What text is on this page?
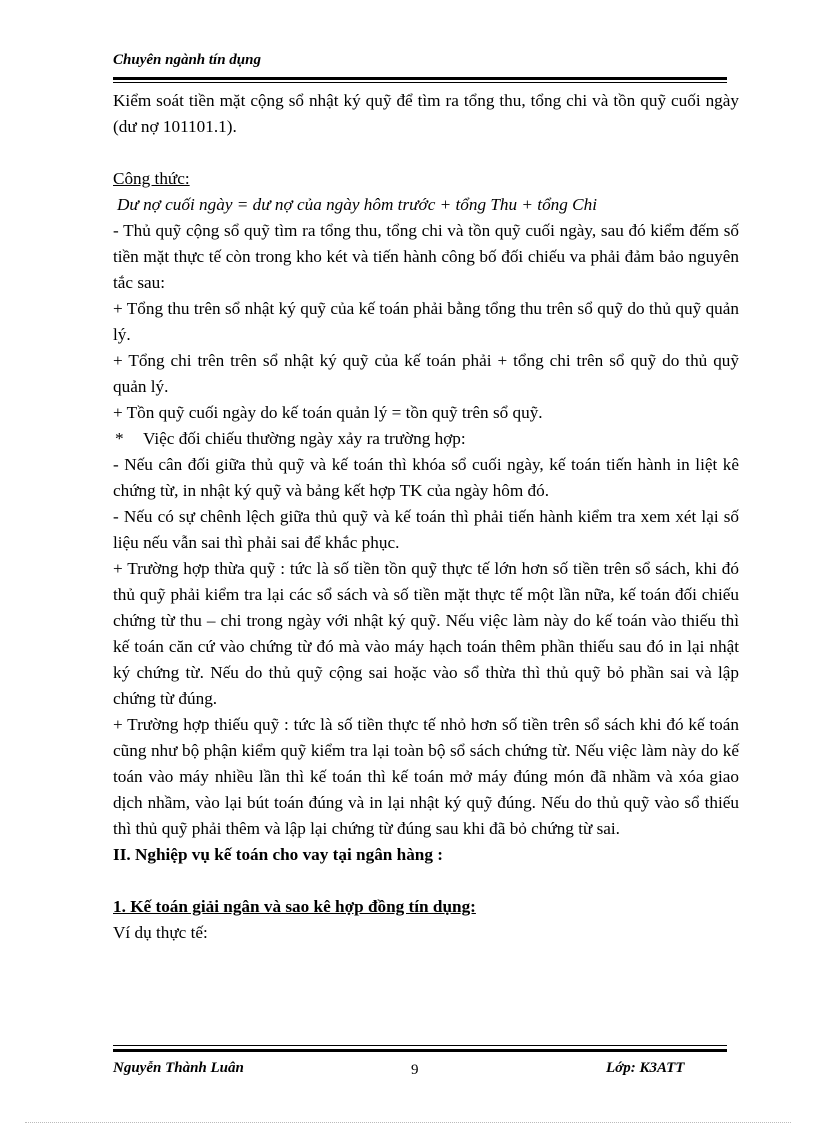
Chuyên ngành tín dụng

Kiểm soát tiền mặt cộng sổ nhật ký quỹ để tìm ra tổng thu, tổng chi và tồn quỹ cuối ngày (dư nợ 101101.1).

Công thức:

Dư nợ cuối ngày = dư nợ của ngày hôm trước + tổng Thu + tổng Chi

- Thủ quỹ cộng sổ quỹ tìm ra tổng thu, tổng chi và tồn quỹ cuối ngày, sau đó kiểm đếm số tiền mặt thực tế còn trong kho két và tiến hành công bố đối chiếu va phải đảm bảo nguyên tắc sau:

+ Tổng thu trên sổ nhật ký quỹ của kế toán phải bằng tổng thu trên sổ quỹ do thủ quỹ quản lý.

+ Tổng chi trên trên sổ nhật ký quỹ của kế toán phải + tổng chi trên sổ quỹ do thủ quỹ quản lý.

+ Tồn quỹ cuối ngày do kế toán quản lý = tồn quỹ trên sổ quỹ.

* Việc đối chiếu thường ngày xảy ra trường hợp:

- Nếu cân đối giữa thủ quỹ và kế toán thì khóa sổ cuối ngày, kế toán tiến hành in liệt kê chứng từ, in nhật ký quỹ và bảng kết hợp TK của ngày hôm đó.

- Nếu có sự chênh lệch giữa thủ quỹ và kế toán thì phải tiến hành kiểm tra xem xét lại số liệu nếu vẫn sai thì phải sai để khắc phục.

+ Trường hợp thừa quỹ : tức là số tiền tồn quỹ thực tế lớn hơn số tiền trên sổ sách, khi đó thủ quỹ phải kiểm tra lại các sổ sách và số tiền mặt thực tế một lần nữa, kế toán đối chiếu chứng từ thu – chi trong ngày với nhật ký quỹ. Nếu việc làm này do kế toán vào thiếu thì kế toán căn cứ vào chứng từ đó mà vào máy hạch toán thêm phần thiếu sau đó in lại nhật ký chứng từ. Nếu do thủ quỹ cộng sai hoặc vào sổ thừa thì thủ quỹ bỏ phần sai và lập chứng từ đúng.

+ Trường hợp thiếu quỹ : tức là số tiền thực tế nhỏ hơn số tiền trên sổ sách khi đó kế toán cũng như bộ phận kiểm quỹ kiểm tra lại toàn bộ sổ sách chứng từ. Nếu việc làm này do kế toán vào máy nhiều lần thì kế toán thì kế toán mở máy đúng món đã nhầm và xóa giao dịch nhầm, vào lại bút toán đúng và in lại nhật ký quỹ đúng. Nếu do thủ quỹ vào sổ thiếu thì thủ quỹ phải thêm và lập lại chứng từ đúng sau khi đã bỏ chứng từ sai.

II. Nghiệp vụ kế toán cho vay tại ngân hàng :

1. Kế toán giải ngân và sao kê hợp đồng tín dụng:

Ví dụ thực tế:

Nguyễn Thành Luân	9	Lớp: K3ATT
